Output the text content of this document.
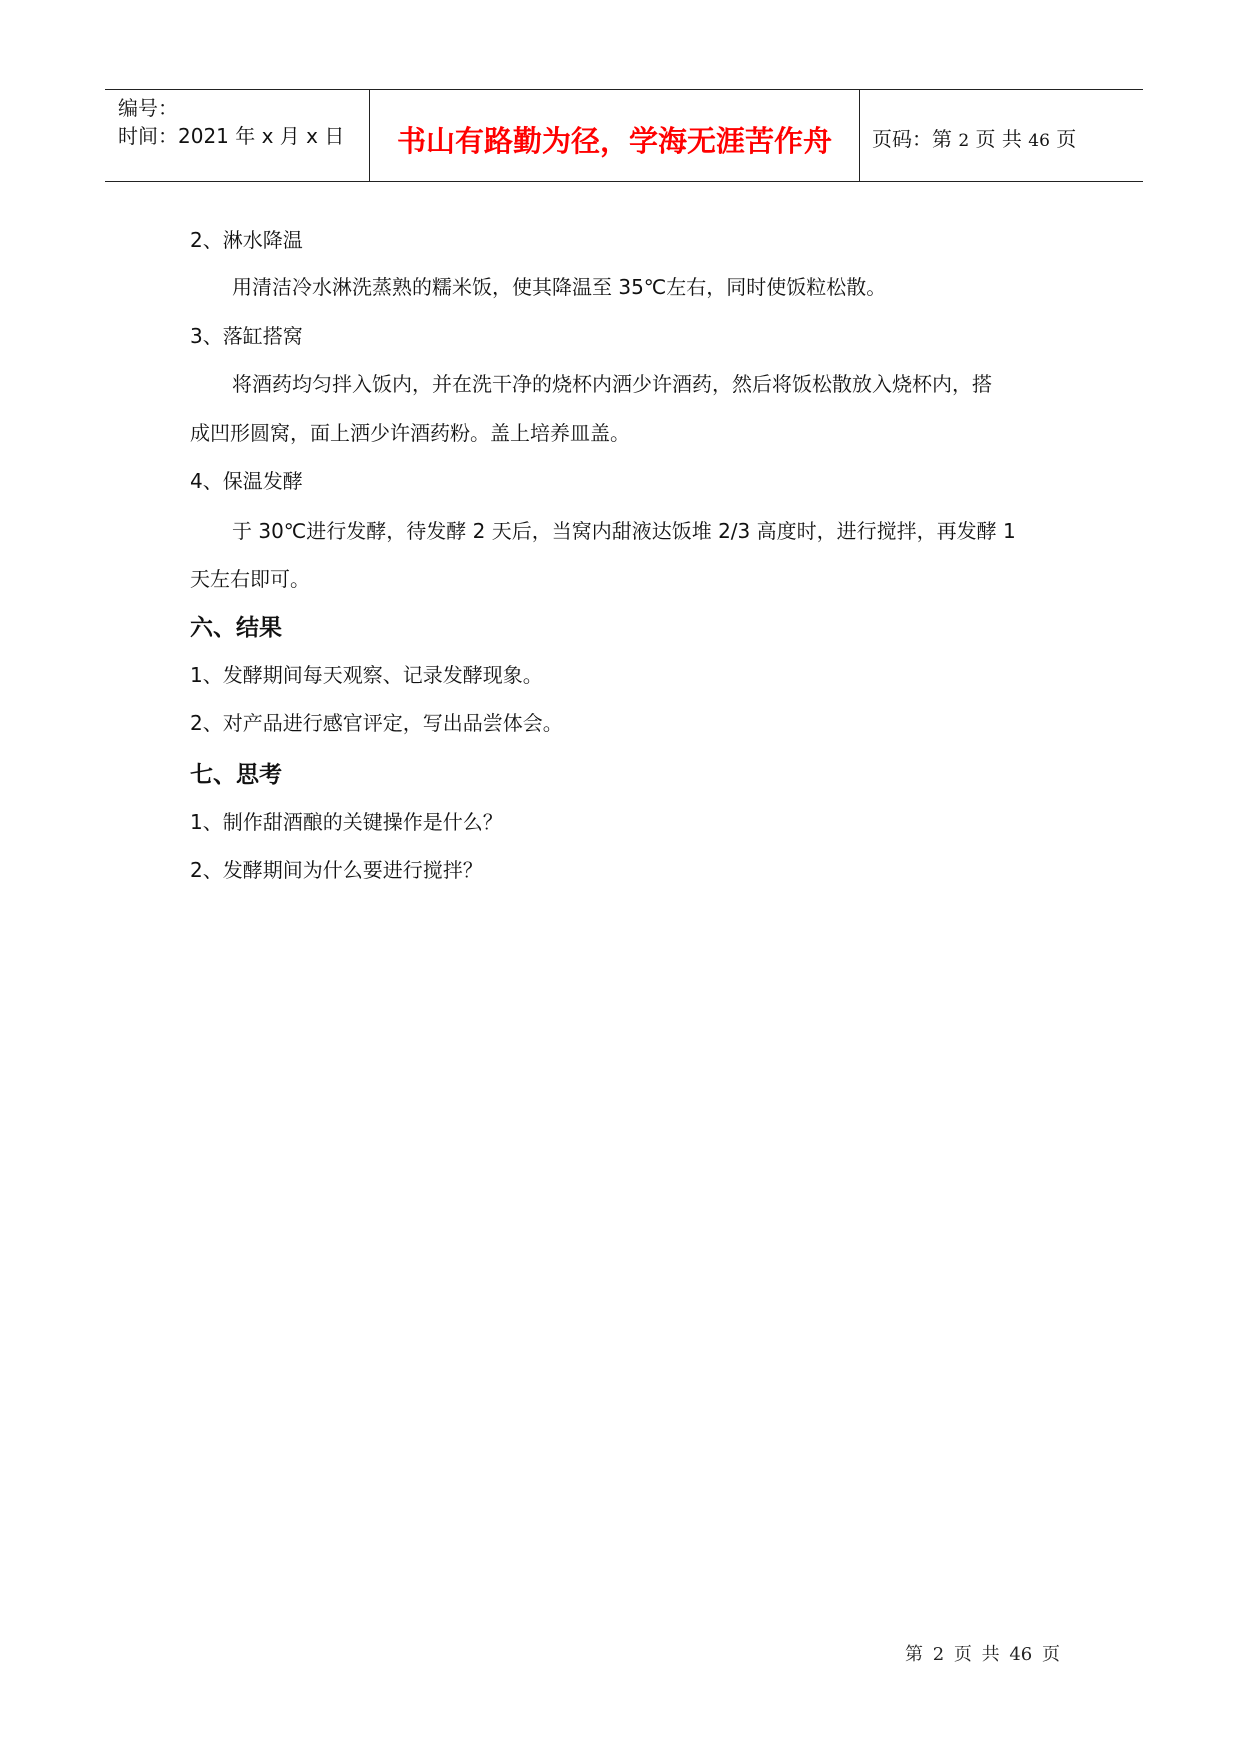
编号：
时间：2021 年 x 月 x 日	书山有路勤为径，学海无涯苦作舟	页码：第 2 页 共 46 页
2、淋水降温
用清洁冷水淋洗蒸熟的糯米饭，使其降温至 35℃左右，同时使饭粒松散。
3、落缸搭窝
将酒药均匀拌入饭内，并在洗干净的烧杯内洒少许酒药，然后将饭松散放入烧杯内，搭
成凹形圆窝，面上洒少许酒药粉。盖上培养皿盖。
4、保温发酵
于 30℃进行发酵，待发酵 2 天后，当窝内甜液达饭堆 2/3 高度时，进行搅拌，再发酵 1
天左右即可。
六、结果
1、发酵期间每天观察、记录发酵现象。
2、对产品进行感官评定，写出品尝体会。
七、思考
1、制作甜酒酿的关键操作是什么？
2、发酵期间为什么要进行搅拌？
第 2 页 共 46 页
